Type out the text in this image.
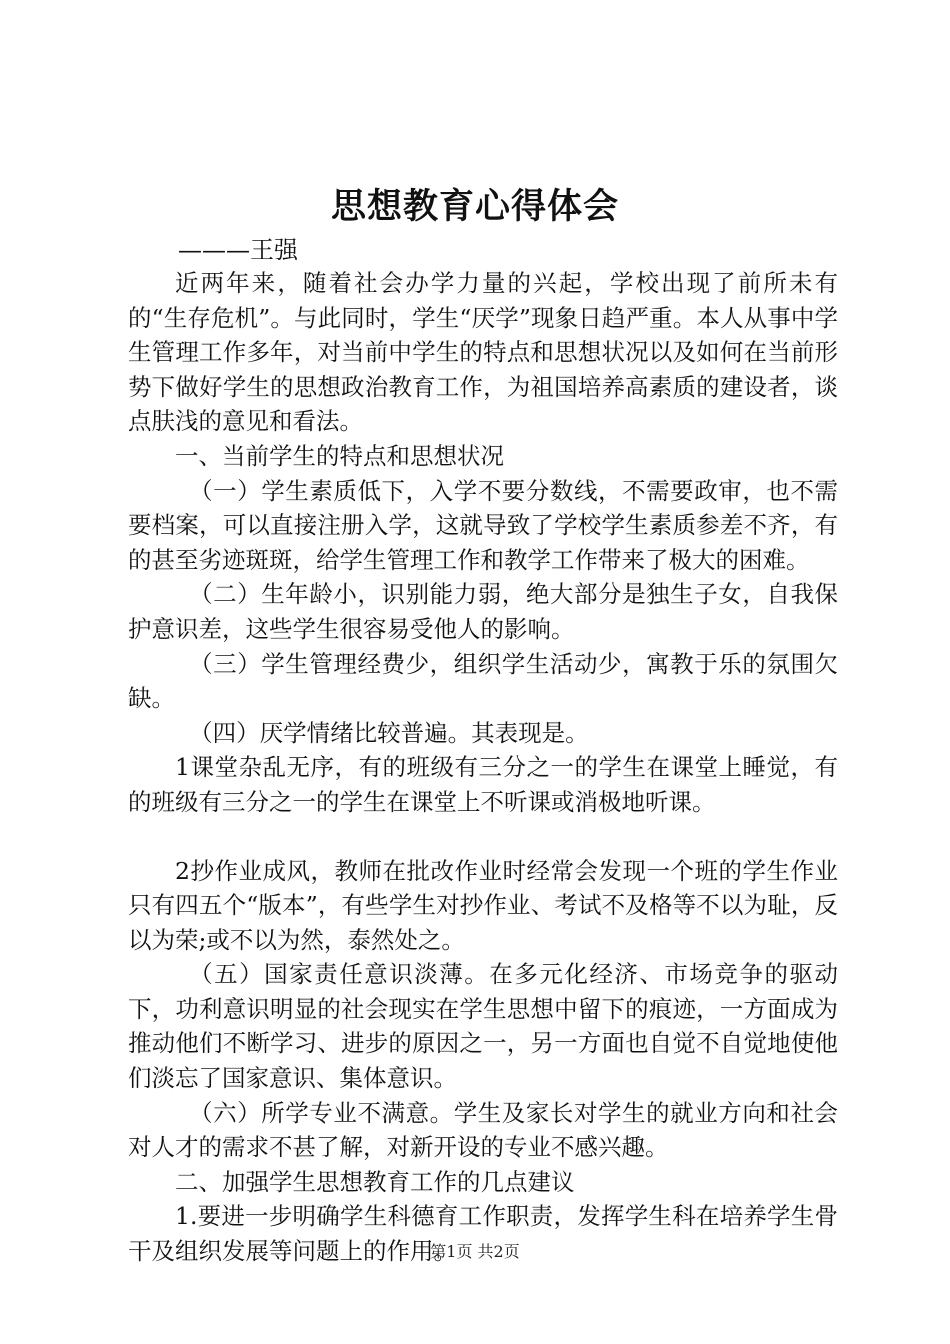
思想教育心得体会
———王强

近两年来，随着社会办学力量的兴起，学校出现了前所未有的“生存危机”。与此同时，学生“厌学”现象日趋严重。本人从事中学生管理工作多年，对当前中学生的特点和思想状况以及如何在当前形势下做好学生的思想政治教育工作，为祖国培养高素质的建设者，谈点肤浅的意见和看法。

一、当前学生的特点和思想状况

（一）学生素质低下，入学不要分数线，不需要政审，也不需要档案，可以直接注册入学，这就导致了学校学生素质参差不齐，有的甚至劣迹斑斑，给学生管理工作和教学工作带来了极大的困难。

（二）生年龄小，识别能力弱，绝大部分是独生子女，自我保护意识差，这些学生很容易受他人的影响。

（三）学生管理经费少，组织学生活动少，寓教于乐的氛围欠缺。

（四）厌学情绪比较普遍。其表现是。

1课堂杂乱无序，有的班级有三分之一的学生在课堂上睡觉，有的班级有三分之一的学生在课堂上不听课或消极地听课。

2抄作业成风，教师在批改作业时经常会发现一个班的学生作业只有四五个“版本”，有些学生对抄作业、考试不及格等不以为耻，反以为荣;或不以为然，泰然处之。

（五）国家责任意识淡薄。在多元化经济、市场竞争的驱动下，功利意识明显的社会现实在学生思想中留下的痕迹，一方面成为推动他们不断学习、进步的原因之一，另一方面也自觉不自觉地使他们淡忘了国家意识、集体意识。

（六）所学专业不满意。学生及家长对学生的就业方向和社会对人才的需求不甚了解，对新开设的专业不感兴趣。

二、加强学生思想教育工作的几点建议

1.要进一步明确学生科德育工作职责，发挥学生科在培养学生骨干及组织发展等问题上的作用。

第1页 共2页
